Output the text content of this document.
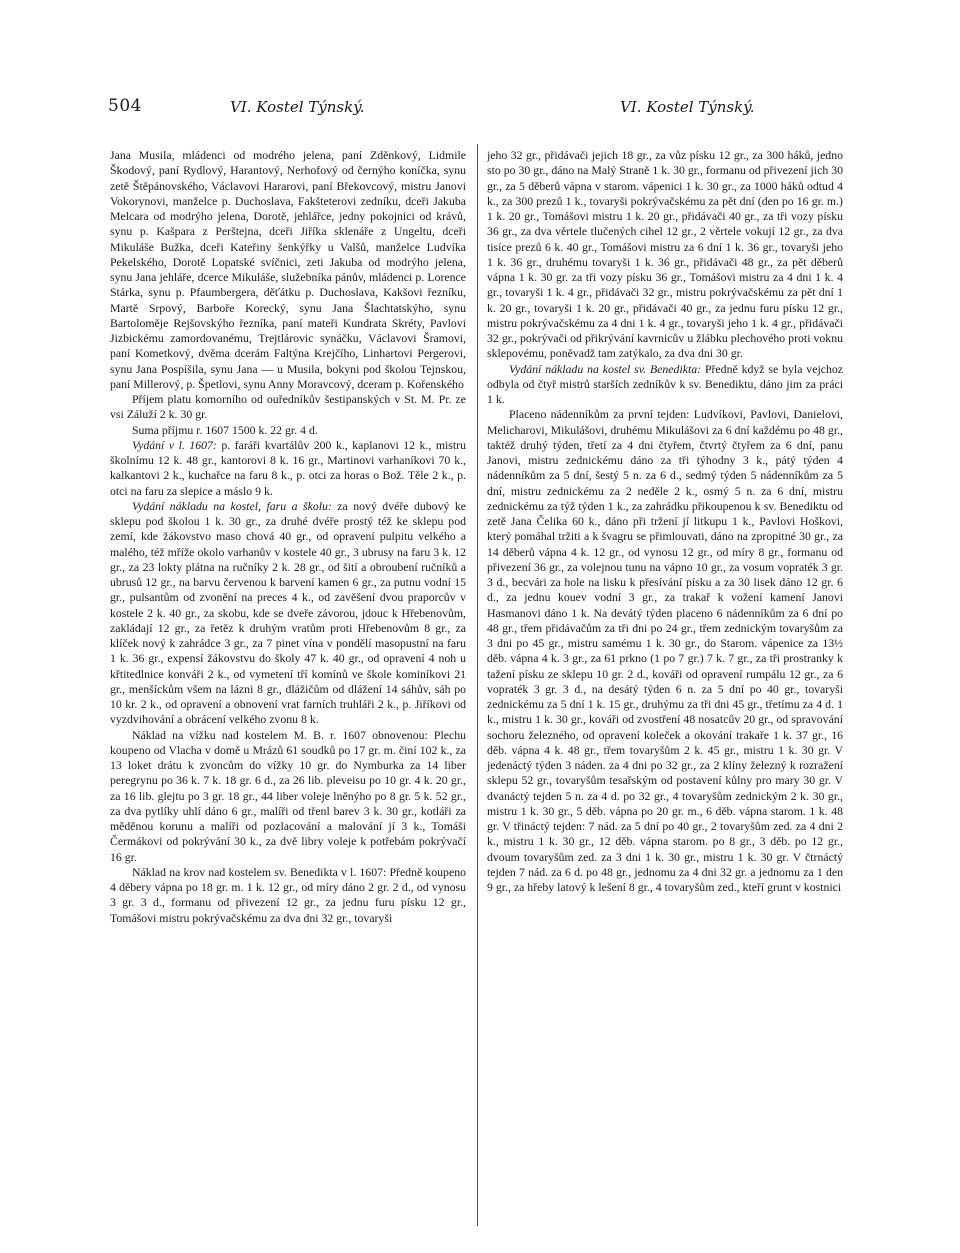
504	VI. Kostel Týnský.	VI. Kostel Týnský.

Jana Musila, mládenci od modrého jelena, paní Zděnkový, Lidmile Škodový, paní Rydlový, Harantový, Nerhofový od černýho koníčka, synu zetě Štěpánovského, Václavovi Hararovi, paní Břekovcový, mistru Janovi Vokorynovi, manželce p. Duchoslava, Fakšteterovi zedníku, dceři Jakuba Melcara od modrýho jelena, Dorotě, jehlářce, jedny pokojnici od krávů, synu p. Kašpara z Perštejna, dceři Jiříka sklenáře z Ungeltu, dceři Mikuláše Bužka, dceři Kateřiny šenkýřky u Valšů, manželce Ludvíka Pekelského, Dorotě Lopatské svíčnici, zeti Jakuba od modrýho jelena, synu Jana jehláře, dcerce Mikuláše, služebníka pánův, mládenci p. Lorence Stárka, synu p. Pfaumbergera, děťátku p. Duchoslava, Kakšovi řezníku, Martě Srpový, Barboře Korecký, synu Jana Šlachtatskýho, synu Bartoloměje Rejšovskýho řezníka, paní mateři Kundrata Skréty, Pavlovi Jizbickému zamordovanému, Trejtlárovic synáčku, Václavovi Šramovi, paní Kometkový, dvěma dcerám Faltýna Krejčího, Linhartovi Pergerovi, synu Jana Pospíšila, synu Jana — u Musila, bokyni pod školou Tejnskou, paní Millerový, p. Špetlovi, synu Anny Moravcový, dceram p. Kořenského

Příjem platu komorního od ouředníkův šestipanských v St. M. Pr. ze vsi Záluží 2 k. 30 gr.

Suma příjmu r. 1607 1500 k. 22 gr. 4 d.

Vydání v l. 1607: p. faráři kvartálův 200 k., kaplanovi 12 k., mistru školnímu 12 k. 48 gr., kantorovi 8 k. 16 gr., Martinovi varhaníkovi 70 k., kalkantovi 2 k., kuchařce na faru 8 k., p. otci za horas o Bož. Těle 2 k., p. otci na faru za slepice a máslo 9 k.

Vydání nákladu na kostel, faru a školu: za nový dvéře dubový ke sklepu pod školou 1 k. 30 gr., za druhé dvéře prostý též ke sklepu pod zemí, kde žákovstvo maso chová 40 gr., od opravení pulpitu velkého a malého, též mříže okolo varhanův v kostele 40 gr., 3 ubrusy na faru 3 k. 12 gr., za 23 lokty plátna na ručníky 2 k. 28 gr., od šití a obroubení ručníků a ubrusů 12 gr., na barvu červenou k barvení kamen 6 gr., za putnu vodní 15 gr., pulsantům od zvonění na preces 4 k., od zavěšení dvou praporcův v kostele 2 k. 40 gr., za skobu, kde se dveře závorou, jdouc k Hřebenovům, zakládají 12 gr., za řetěz k druhým vratům proti Hřebenovům 8 gr., za klíček nový k zahrádce 3 gr., za 7 pinet vína v pondělí masopustní na faru 1 k. 36 gr., expensí žákovstvu do školy 47 k. 40 gr., od opravení 4 noh u křtitedlnice konváři 2 k., od vymetení tří komínů ve škole kominíkovi 21 gr., menšíckům všem na lázni 8 gr., dlážičům od dlážení 14 sáhův, sáh po 10 kr. 2 k., od opravení a obnovení vrat farních truhláři 2 k., p. Jiříkovi od vyzdvihování a obrácení velkého zvonu 8 k.

Náklad na vížku nad kostelem M. B. r. 1607 obnovenou: Plechu koupeno od Vlacha v domě u Mrázů 61 soudků po 17 gr. m. činí 102 k., za 13 loket drátu k zvoncům do vížky 10 gr. do Nymburka za 14 liber peregrynu po 36 k. 7 k. 18 gr. 6 d., za 26 lib. pleveisu po 10 gr. 4 k. 20 gr., za 16 lib. glejtu po 3 gr. 18 gr., 44 liber voleje lněnýho po 8 gr. 5 k. 52 gr., za dva pytlíky uhlí dáno 6 gr., malíři od třenl barev 3 k. 30 gr., kotláři za měděnou korunu a malíři od pozlacování a malování jí 3 k., Tomáši Čermákovi od pokrývání 30 k., za dvě libry voleje k potřebám pokrývačí 16 gr.

Náklad na krov nad kostelem sv. Benedikta v l. 1607: Předně koupeno 4 děbery vápna po 18 gr. m. 1 k. 12 gr., od míry dáno 2 gr. 2 d., od vynosu 3 gr. 3 d., formanu od přivezení 12 gr., za jednu furu písku 12 gr., Tomášovi mistru pokrývačskému za dva dni 32 gr., tovaryši

jeho 32 gr., přidávači jejich 18 gr., za vůz písku 12 gr., za 300 háků, jedno sto po 30 gr., dáno na Malý Straně 1 k. 30 gr., formanu od přivezení jich 30 gr., za 5 děberů vápna v starom. vápenici 1 k. 30 gr., za 1000 háků odtud 4 k., za 300 prezů 1 k., tovaryši pokrývačskému za pět dní (den po 16 gr. m.) 1 k. 20 gr., Tomášovi mistru 1 k. 20 gr., přidávači 40 gr., za tři vozy písku 36 gr., za dva věrtele tlučených cihel 12 gr., 2 věrtele vokují 12 gr., za dva tisíce prezů 6 k. 40 gr., Tomášovi mistru za 6 dní 1 k. 36 gr., tovaryši jeho 1 k. 36 gr., druhému tovaryši 1 k. 36 gr., přidávači 48 gr., za pět děberů vápna 1 k. 30 gr. za tři vozy písku 36 gr., Tomášovi mistru za 4 dni 1 k. 4 gr., tovaryši 1 k. 4 gr., přidávači 32 gr., mistru pokrývačskému za pět dní 1 k. 20 gr., tovaryši 1 k. 20 gr., přidávači 40 gr., za jednu furu písku 12 gr., mistru pokrývačskému za 4 dni 1 k. 4 gr., tovaryši jeho 1 k. 4 gr., přidávači 32 gr., pokrývači od přikrývání kavrnicův u žlábku plechového proti voknu sklepovému, poněvadž tam zatýkalo, za dva dni 30 gr.

Vydání nákladu na kostel sv. Benedikta: Předně když se byla vejchoz odbyla od čtyř mistrů starších zedníkův k sv. Benediktu, dáno jim za práci 1 k.

Placeno nádenníkům za první tejden: Ludvíkovi, Pavlovi, Danielovi, Melicharovi, Mikulášovi, druhému Mikulášovi za 6 dní každému po 48 gr., taktéž druhý týden, třetí za 4 dni čtyřem, čtvrtý čtyřem za 6 dní, panu Janovi, mistru zednickému dáno za tři týhodny 3 k., pátý týden 4 nádenníkům za 5 dní, šestý 5 n. za 6 d., sedmý týden 5 nádenníkům za 5 dní, mistru zednickému za 2 neděle 2 k., osmý 5 n. za 6 dní, mistru zednickému za týž týden 1 k., za zahrádku přikoupenou k sv. Benediktu od zetě Jana Čelika 60 k., dáno při tržení jí litkupu 1 k., Pavlovi Hoškovi, který pomáhal tržiti a k švagru se přimlouvati, dáno na zpropitné 30 gr., za 14 děberů vápna 4 k. 12 gr., od vynosu 12 gr., od míry 8 gr., formanu od přivezení 36 gr., za volejnou tunu na vápno 10 gr., za vosum vopraték 3 gr. 3 d., becvári za hole na lisku k přesívání písku a za 30 lisek dáno 12 gr. 6 d., za jednu kouev vodní 3 gr., za trakař k vožení kamení Janovi Hasmanovi dáno 1 k. Na devátý týden placeno 6 nádenníkům za 6 dní po 48 gr., třem přidávačům za tři dni po 24 gr., třem zednickým tovaryšům za 3 dni po 45 gr., mistru samému 1 k. 30 gr., do Starom. vápenice za 13½ děb. vápna 4 k. 3 gr., za 61 prkno (1 po 7 gr.) 7 k. 7 gr., za tři prostranky k tažení písku ze sklepu 10 gr. 2 d., kováři od opravení rumpálu 12 gr., za 6 vopraték 3 gr. 3 d., na desátý týden 6 n. za 5 dní po 40 gr., tovaryši zednickému za 5 dní 1 k. 15 gr., druhýmu za tři dni 45 gr., třetímu za 4 d. 1 k., mistru 1 k. 30 gr., kováři od zvostření 48 nosatcův 20 gr., od spravování sochoru železného, od opravení koleček a okování trakaře 1 k. 37 gr., 16 děb. vápna 4 k. 48 gr., třem tovaryšům 2 k. 45 gr., mistru 1 k. 30 gr. V jedenáctý týden 3 náden. za 4 dni po 32 gr., za 2 klíny železný k rozražení sklepu 52 gr., tovaryšům tesařským od postavení kůlny pro mary 30 gr. V dvanáctý tejden 5 n. za 4 d. po 32 gr., 4 tovaryšům zednickým 2 k. 30 gr., mistru 1 k. 30 gr., 5 děb. vápna po 20 gr. m., 6 děb. vápna starom. 1 k. 48 gr. V třináctý tejden: 7 nád. za 5 dní po 40 gr., 2 tovaryšům zed. za 4 dni 2 k., mistru 1 k. 30 gr., 12 děb. vápna starom. po 8 gr., 3 děb. po 12 gr., dvoum tovaryšům zed. za 3 dni 1 k. 30 gr., mistru 1 k. 30 gr. V čtrnáctý tejden 7 nád. za 6 d. po 48 gr., jednomu za 4 dni 32 gr. a jednomu za 1 den 9 gr., za hřeby latový k lešení 8 gr., 4 tovaryšům zed., kteří grunt v kostnici
